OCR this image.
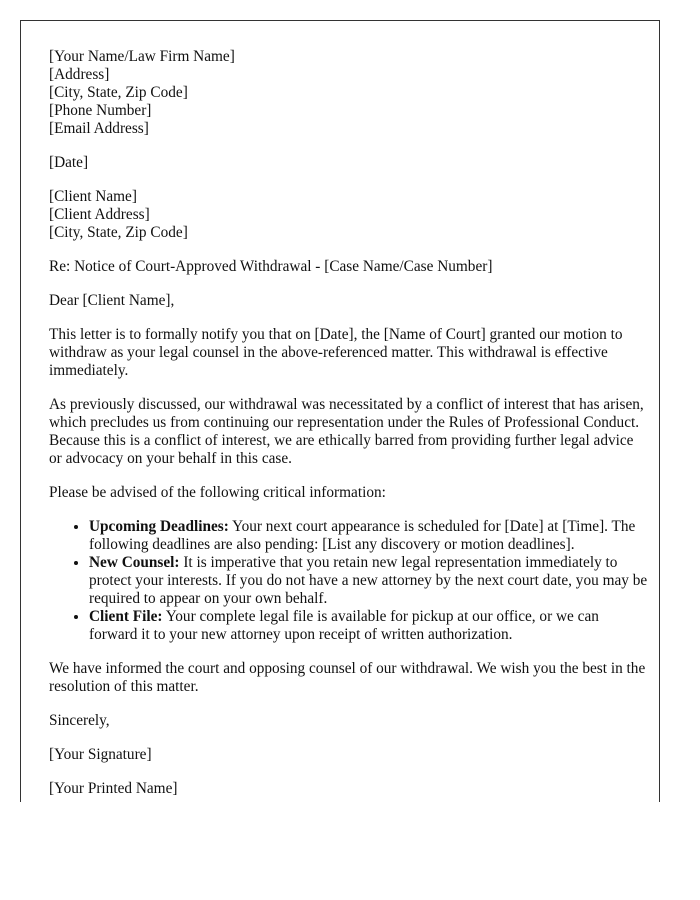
[Your Name/Law Firm Name]
[Address]
[City, State, Zip Code]
[Phone Number]
[Email Address]

[Date]

[Client Name]
[Client Address]
[City, State, Zip Code]

Re: Notice of Court-Approved Withdrawal - [Case Name/Case Number]

Dear [Client Name],

This letter is to formally notify you that on [Date], the [Name of Court] granted our motion to withdraw as your legal counsel in the above-referenced matter. This withdrawal is effective immediately.

As previously discussed, our withdrawal was necessitated by a conflict of interest that has arisen, which precludes us from continuing our representation under the Rules of Professional Conduct. Because this is a conflict of interest, we are ethically barred from providing further legal advice or advocacy on your behalf in this case.

Please be advised of the following critical information:

• Upcoming Deadlines: Your next court appearance is scheduled for [Date] at [Time]. The following deadlines are also pending: [List any discovery or motion deadlines].
• New Counsel: It is imperative that you retain new legal representation immediately to protect your interests. If you do not have a new attorney by the next court date, you may be required to appear on your own behalf.
• Client File: Your complete legal file is available for pickup at our office, or we can forward it to your new attorney upon receipt of written authorization.

We have informed the court and opposing counsel of our withdrawal. We wish you the best in the resolution of this matter.

Sincerely,

[Your Signature]

[Your Printed Name]
